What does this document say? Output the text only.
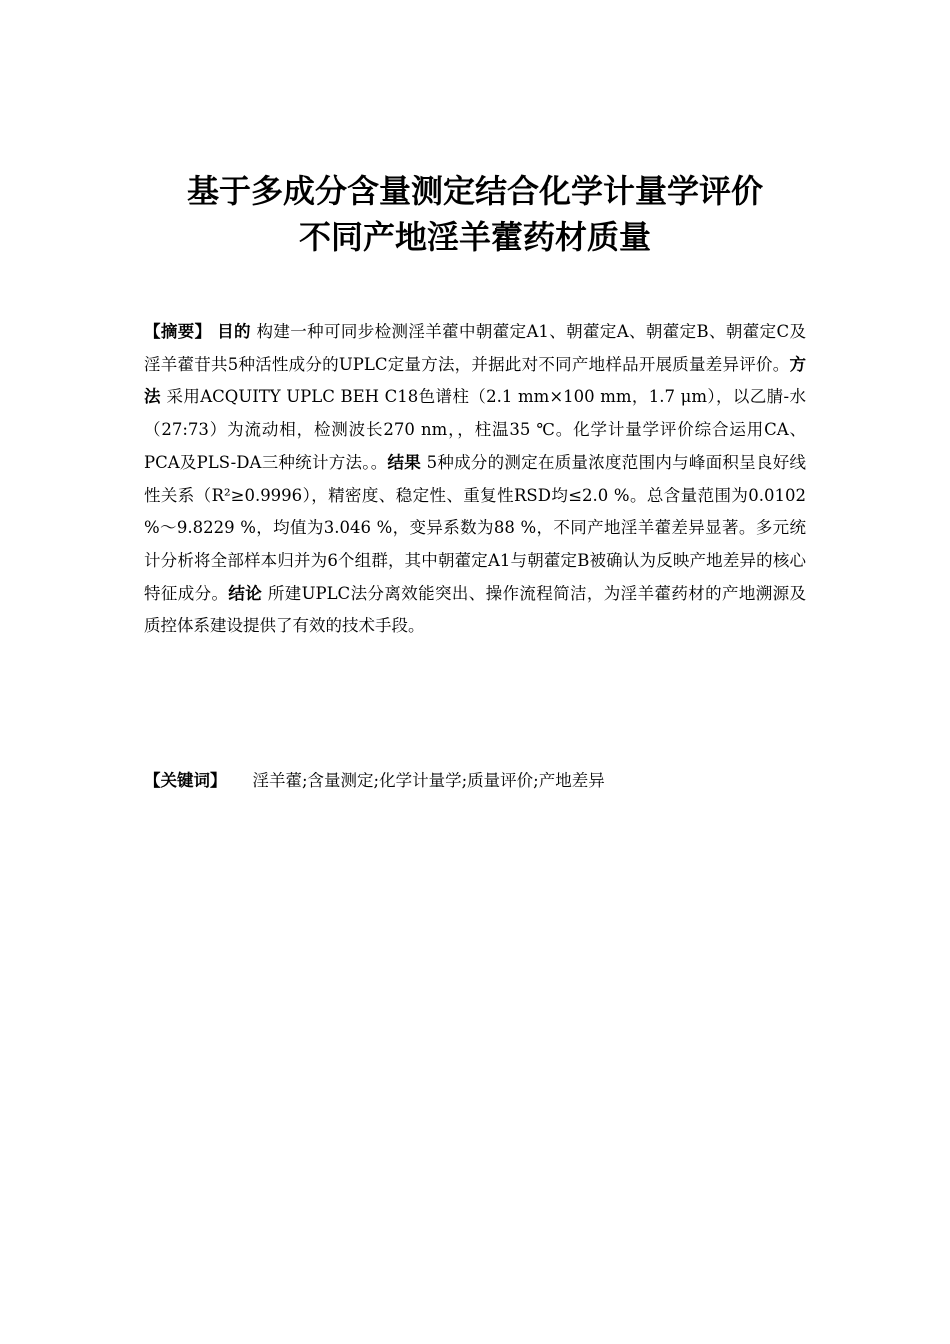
基于多成分含量测定结合化学计量学评价
不同产地淫羊藿药材质量
【摘要】 目的 构建一种可同步检测淫羊藿中朝藿定A1、朝藿定A、朝藿定B、朝藿定C及淫羊藿苷共5种活性成分的UPLC定量方法，并据此对不同产地样品开展质量差异评价。方法 采用ACQUITY UPLC BEH C18色谱柱（2.1 mm×100 mm，1.7 μm），以乙腈-水（27:73）为流动相，检测波长270 nm，，柱温35 ℃。化学计量学评价综合运用CA、PCA及PLS-DA三种统计方法。。结果 5种成分的测定在质量浓度范围内与峰面积呈良好线性关系（R²≥0.9996），精密度、稳定性、重复性RSD均≤2.0 %。总含量范围为0.0102 %～9.8229 %，均值为3.046 %，变异系数为88 %，不同产地淫羊藿差异显著。多元统计分析将全部样本归并为6个组群，其中朝藿定A1与朝藿定B被确认为反映产地差异的核心特征成分。结论 所建UPLC法分离效能突出、操作流程简洁，为淫羊藿药材的产地溯源及质控体系建设提供了有效的技术手段。
【关键词】 淫羊藿;含量测定;化学计量学;质量评价;产地差异
